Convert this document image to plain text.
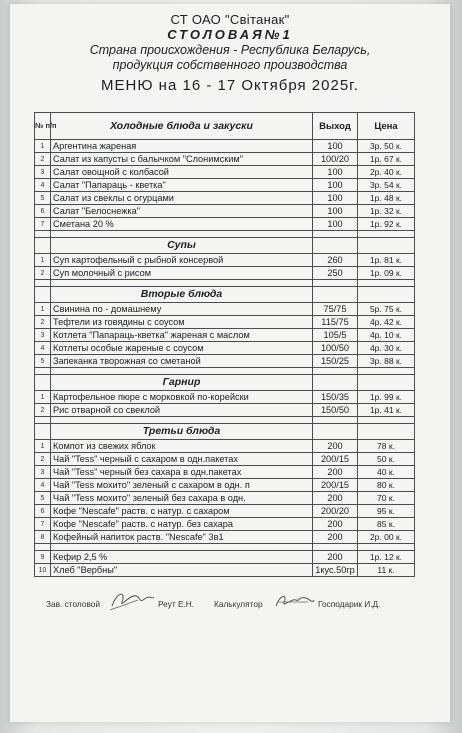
СТ ОАО "Світанак"
СТОЛОВАЯ№1
Страна происхождения - Республика Беларусь,
продукция собственного производства
МЕНЮ на 16 - 17 Октября 2025г.
№ п/п	Холодные блюда и закуски	Выход	Цена
1	Аргентина жареная	100	3р. 50 к.
2	Салат из капусты с балычком "Слонимским"	100/20	1р. 67 к.
3	Салат овощной с колбасой	100	2р. 40 к.
4	Салат "Папараць - кветка"	100	3р. 54 к.
5	Салат из свеклы с огурцами	100	1р. 48 к.
6	Салат "Белоснежка"	100	1р. 32 к.
7	Сметана 20 %	100	1р. 92 к.

	Супы		
1	Суп картофельный с рыбной консервой	260	1р. 81 к.
2	Суп молочный с рисом	250	1р. 09 к.

	Вторые блюда		
1	Свинина по - домашнему	75/75	5р. 75 к.
2	Тефтели из говядины с соусом	115/75	4р. 42 к.
3	Котлета "Папараць-кветка" жареная с маслом	105/5	4р. 10 к.
4	Котлеты особые жареные с соусом	100/50	4р. 30 к.
5	Запеканка творожная со сметаной	150/25	3р. 88 к.

	Гарнир		
1	Картофельное пюре с морковкой по-корейски	150/35	1р. 99 к.
2	Рис отварной со свеклой	150/50	1р. 41 к.

	Третьи блюда		
1	Компот из свежих яблок	200	78 к.
2	Чай "Tess" черный с сахаром в одн.пакетах	200/15	50 к.
3	Чай "Tess" черный без сахара в одн.пакетах	200	40 к.
4	Чай "Tess мохито" зеленый с сахаром в одн. п	200/15	80 к.
5	Чай "Tess мохито" зеленый без сахара в одн.	200	70 к.
6	Кофе "Nescafe" раств. с натур. с сахаром	200/20	95 к.
7	Кофе "Nescafe" раств. с натур. без сахара	200	85 к.
8	Кофейный напиток раств. "Nescafe" 3в1	200	2р. 00 к.

9	Кефир 2,5 %	200	1р. 12 к.
10	Хлеб "Вербны"	1кус.50гр	11 к.
Зав. столовой	Реут Е.Н. Калькулятор	Господарик И.Д.
